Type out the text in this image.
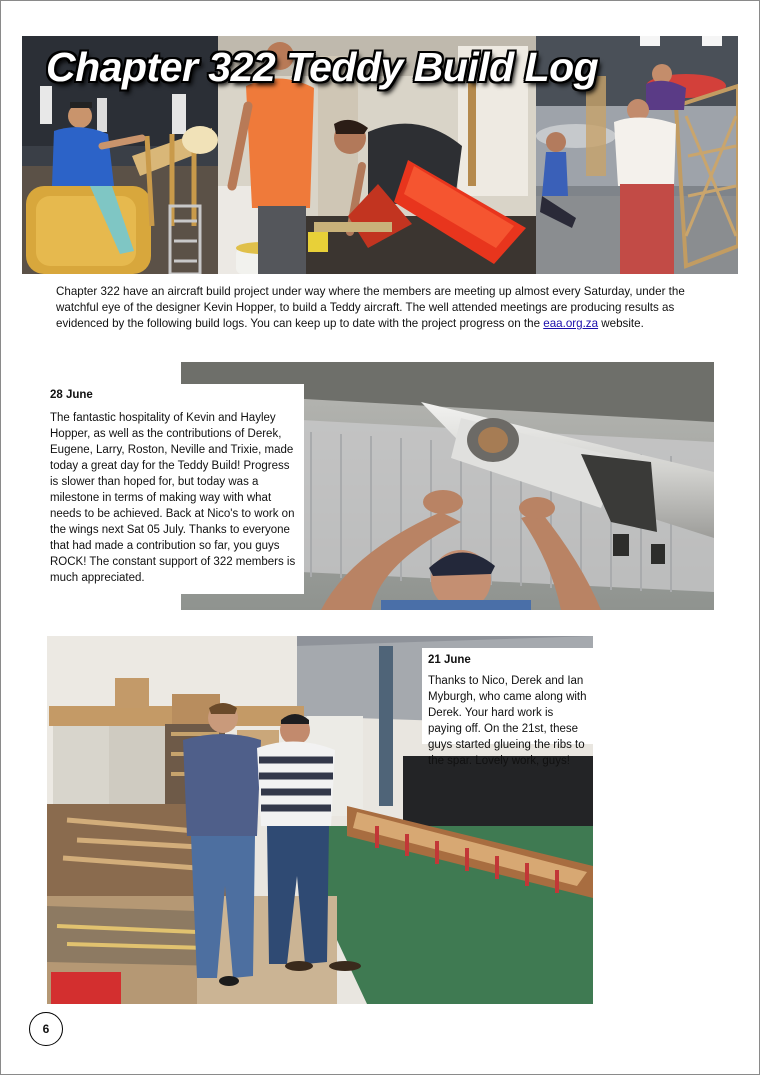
Chapter 322 Teddy Build Log

Chapter 322 have an aircraft build project under way where the members are meeting up almost every Saturday, under the watchful eye of the designer Kevin Hopper, to build a Teddy aircraft. The well attended meetings are producing results as evidenced by the following build logs. You can keep up to date with the project progress on the eaa.org.za website.

28 June

The fantastic hospitality of Kevin and Hayley Hopper, as well as the contributions of Derek, Eugene, Larry, Roston, Neville and Trixie, made today a great day for the Teddy Build! Progress is slower than hoped for, but today was a milestone in terms of making way with what needs to be achieved. Back at Nico's to work on the wings next Sat 05 July. Thanks to everyone that had made a contribution so far, you guys ROCK! The constant support of 322 members is much appreciated.

21 June

Thanks to Nico, Derek and Ian Myburgh, who came along with Derek. Your hard work is paying off. On the 21st, these guys started glueing the ribs to the spar. Lovely work, guys!

6
